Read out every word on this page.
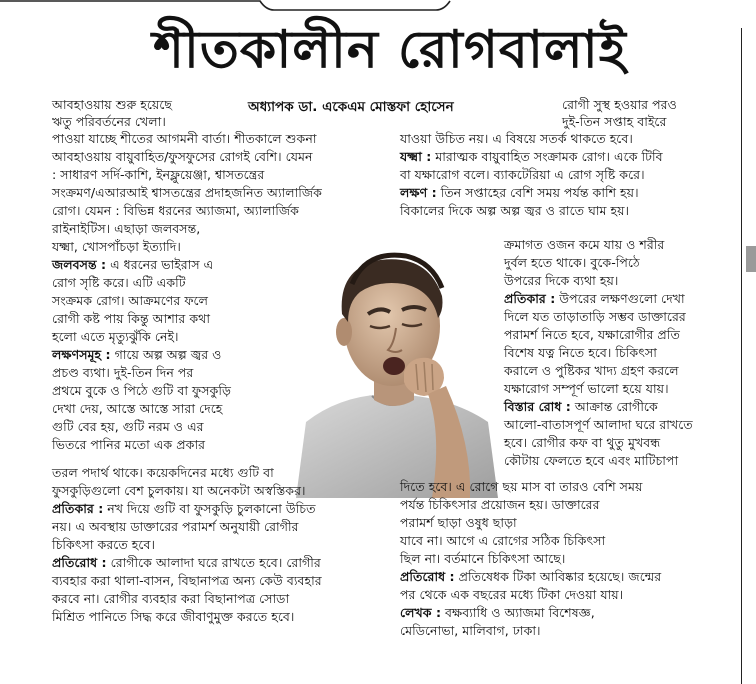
শীতকালীন রোগবালাই
অধ্যাপক ডা. একেএম মোস্তফা হোসেন
আবহাওয়ায় শুরু হয়েছে
ঋতু পরিবর্তনের খেলা।
পাওয়া যাচ্ছে শীতের আগমনী বার্তা। শীতকালে শুকনা
আবহাওয়ায় বায়ুবাহিত/ফুসফুসের রোগই বেশি। যেমন
: সাধারণ সর্দি-কাশি, ইনফ্লুয়েঞ্জা, শ্বাসতন্ত্রের
সংক্রমণ/এআরআই শ্বাসতন্ত্রের প্রদাহজনিত অ্যালার্জিক
রোগ। যেমন : বিভিন্ন ধরনের অ্যাজমা, অ্যালার্জিক
রাইনাইটিস। এছাড়া জলবসন্ত,
যক্ষ্মা, খোসপাঁচড়া ইত্যাদি।
জলবসন্ত : এ ধরনের ভাইরাস এ
রোগ সৃষ্টি করে। এটি একটি
সংক্রমক রোগ। আক্রমণের ফলে
রোগী কষ্ট পায় কিন্তু আশার কথা
হলো এতে মৃত্যুঝুঁকি নেই।
লক্ষণসমূহ : গায়ে অল্প অল্প জ্বর ও
প্রচণ্ড ব্যথা। দুই-তিন দিন পর
প্রথমে বুকে ও পিঠে গুটি বা ফুসকুড়ি
দেখা দেয়, আস্তে আস্তে সারা দেহে
গুটি বের হয়, গুটি নরম ও এর
ভিতরে পানির মতো এক প্রকার
তরল পদার্থ থাকে। কয়েকদিনের মধ্যে গুটি বা
ফুসকুড়িগুলো বেশ চুলকায়। যা অনেকটা অস্বস্তিকর।
প্রতিকার : নখ দিয়ে গুটি বা ফুসকুড়ি চুলকানো উচিত
নয়। এ অবস্থায় ডাক্তারের পরামর্শ অনুযায়ী রোগীর
চিকিৎসা করতে হবে।
প্রতিরোধ : রোগীকে আলাদা ঘরে রাখতে হবে। রোগীর
ব্যবহার করা থালা-বাসন, বিছানাপত্র অন্য কেউ ব্যবহার
করবে না। রোগীর ব্যবহার করা বিছানাপত্র সোডা
মিশ্রিত পানিতে সিদ্ধ করে জীবাণুমুক্ত করতে হবে।
রোগী সুস্থ হওয়ার পরও
দুই-তিন সপ্তাহ বাইরে
যাওয়া উচিত নয়। এ বিষয়ে সতর্ক থাকতে হবে।
যক্ষ্মা : মারাত্মক বায়ুবাহিত সংক্রামক রোগ। একে টিবি
বা যক্ষারোগ বলে। ব্যাকটেরিয়া এ রোগ সৃষ্টি করে।
লক্ষণ : তিন সপ্তাহের বেশি সময় পর্যন্ত কাশি হয়।
বিকালের দিকে অল্প অল্প জ্বর ও রাতে ঘাম হয়।
ক্রমাগত ওজন কমে যায় ও শরীর
দুর্বল হতে থাকে। বুকে-পিঠে
উপরের দিকে ব্যথা হয়।
প্রতিকার : উপরের লক্ষণগুলো দেখা
দিলে যত তাড়াতাড়ি সম্ভব ডাক্তারের
পরামর্শ নিতে হবে, যক্ষারোগীর প্রতি
বিশেষ যত্ন নিতে হবে। চিকিৎসা
করালে ও পুষ্টিকর খাদ্য গ্রহণ করলে
যক্ষারোগ সম্পূর্ণ ভালো হয়ে যায়।
বিস্তার রোধ : আক্রান্ত রোগীকে
আলো-বাতাসপূর্ণ আলাদা ঘরে রাখতে
হবে। রোগীর কফ বা থুতু মুখবন্ধ
কৌটায় ফেলতে হবে এবং মাটিচাপা
দিতে হবে। এ রোগে ছয় মাস বা তারও বেশি সময়
পর্যন্ত চিকিৎসার প্রয়োজন হয়। ডাক্তারের
পরামর্শ ছাড়া ওষুধ ছাড়া
যাবে না। আগে এ রোগের সঠিক চিকিৎসা
ছিল না। বর্তমানে চিকিৎসা আছে।
প্রতিরোধ : প্রতিষেধক টিকা আবিষ্কার হয়েছে। জন্মের
পর থেকে এক বছরের মধ্যে টিকা দেওয়া যায়।
লেখক : বক্ষব্যাধি ও অ্যাজমা বিশেষজ্ঞ,
মেডিনোভা, মালিবাগ, ঢাকা।
